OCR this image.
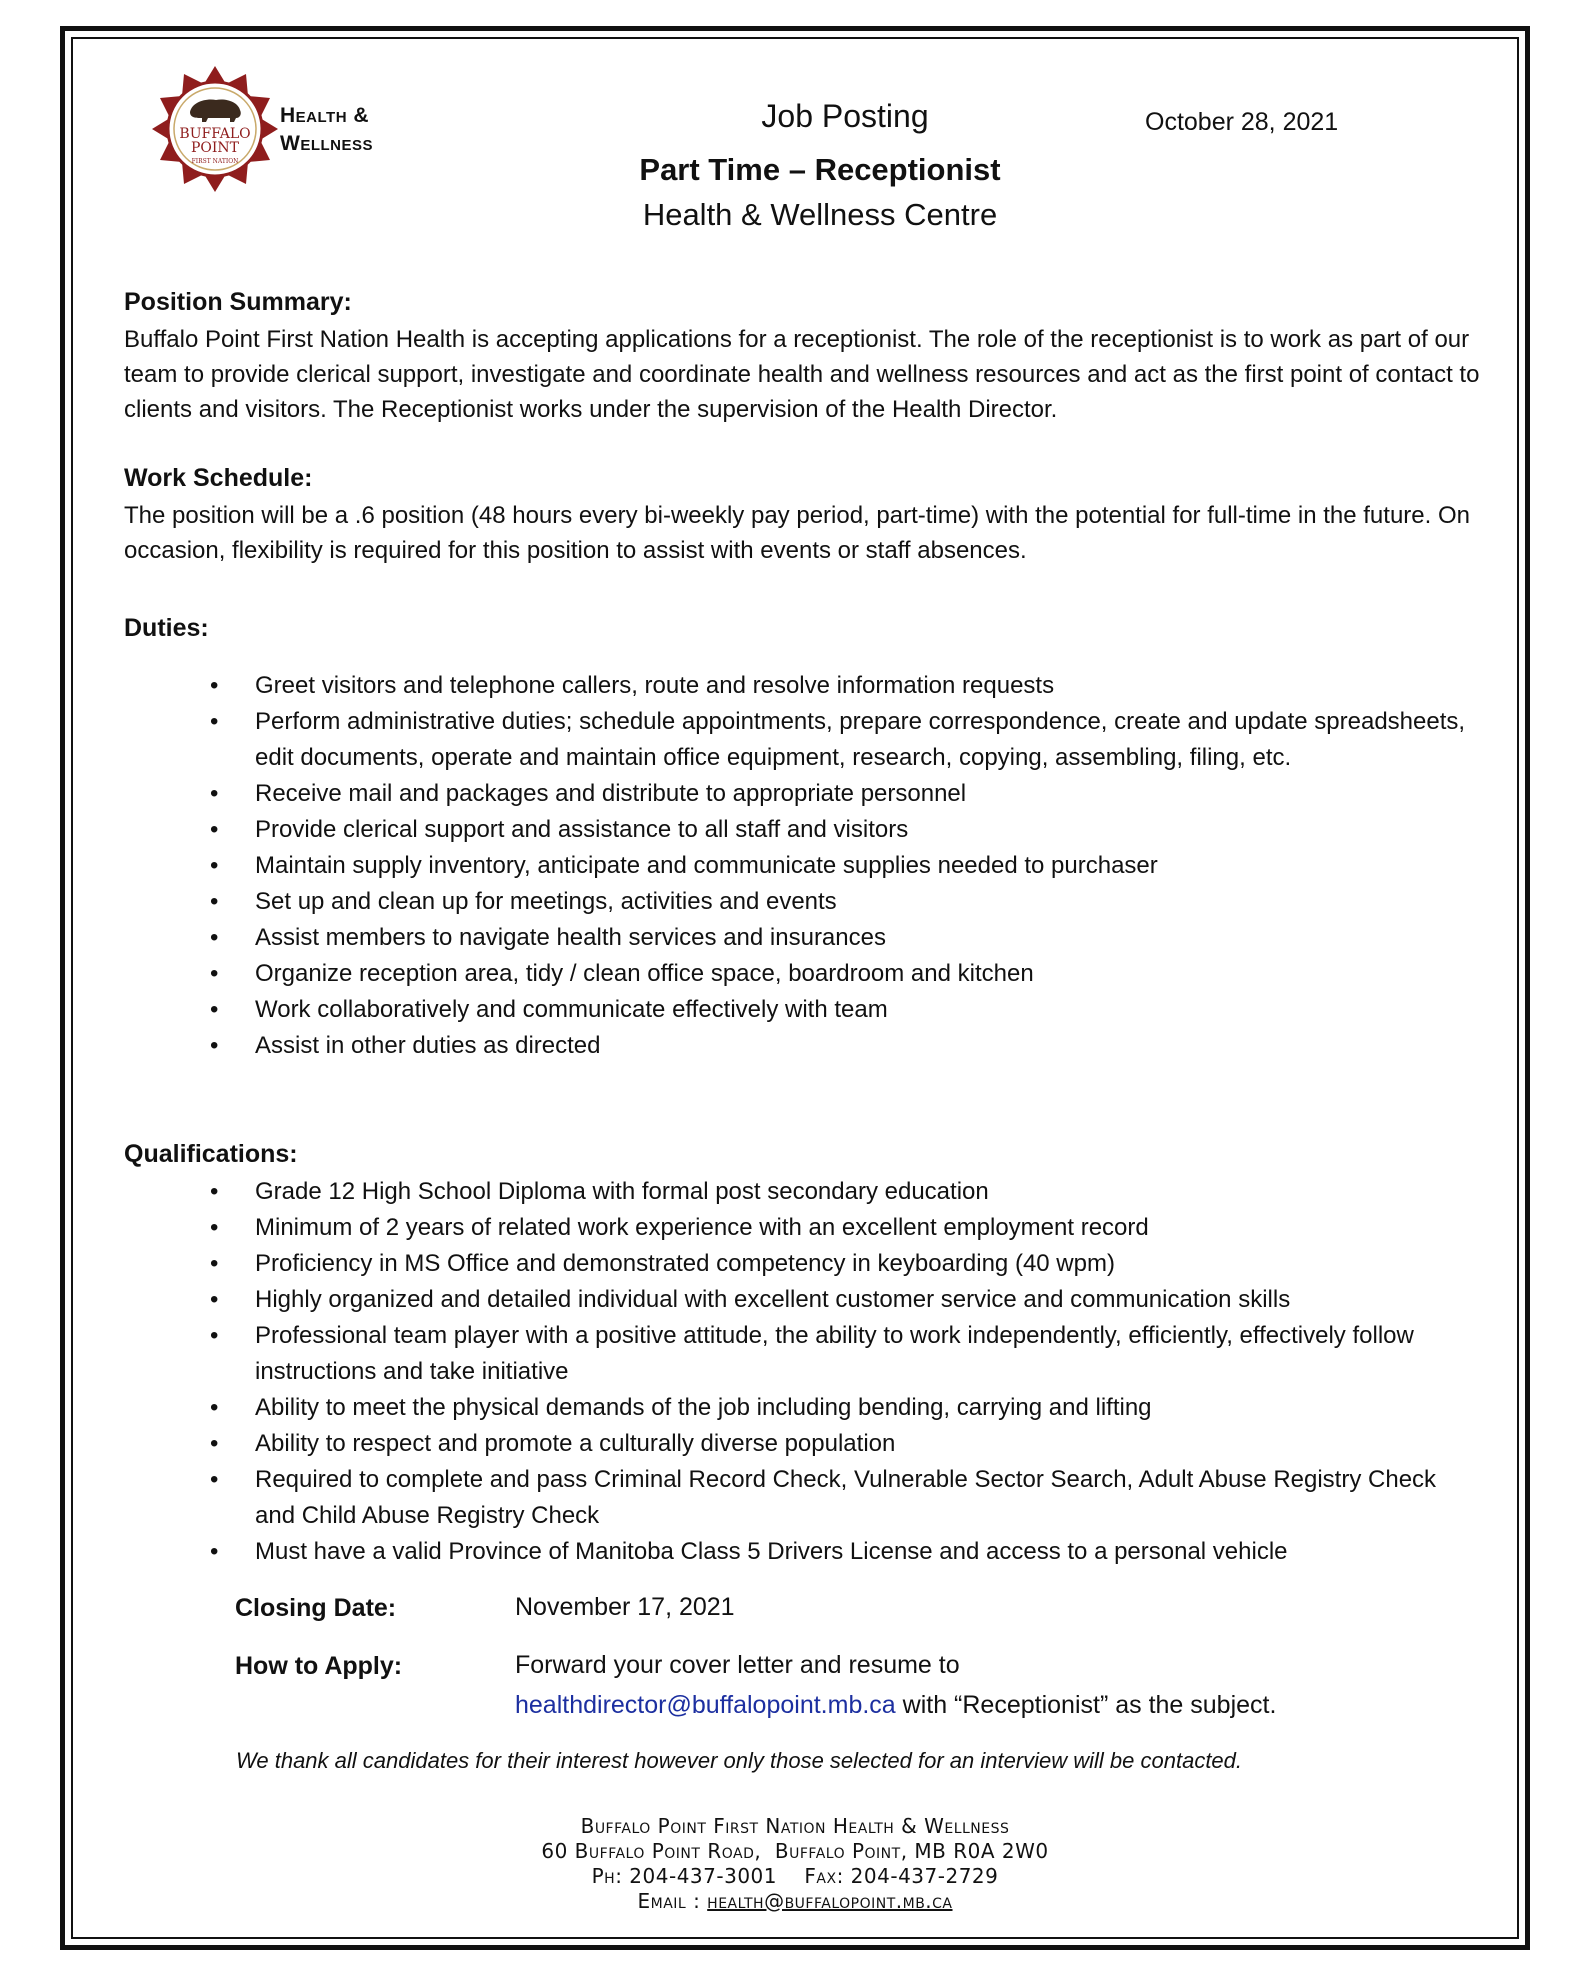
BUFFALO
POINT
FIRST NATION
Health &
Wellness
Job Posting	October 28, 2021
Part Time – Receptionist
Health & Wellness Centre
Position Summary:
Buffalo Point First Nation Health is accepting applications for a receptionist. The role of the receptionist is to work as part of our team to provide clerical support, investigate and coordinate health and wellness resources and act as the first point of contact to clients and visitors. The Receptionist works under the supervision of the Health Director.
Work Schedule:
The position will be a .6 position (48 hours every bi-weekly pay period, part-time) with the potential for full-time in the future. On occasion, flexibility is required for this position to assist with events or staff absences.
Duties:
• Greet visitors and telephone callers, route and resolve information requests
• Perform administrative duties; schedule appointments, prepare correspondence, create and update spreadsheets, edit documents, operate and maintain office equipment, research, copying, assembling, filing, etc.
• Receive mail and packages and distribute to appropriate personnel
• Provide clerical support and assistance to all staff and visitors
• Maintain supply inventory, anticipate and communicate supplies needed to purchaser
• Set up and clean up for meetings, activities and events
• Assist members to navigate health services and insurances
• Organize reception area, tidy / clean office space, boardroom and kitchen
• Work collaboratively and communicate effectively with team
• Assist in other duties as directed
Qualifications:
• Grade 12 High School Diploma with formal post secondary education
• Minimum of 2 years of related work experience with an excellent employment record
• Proficiency in MS Office and demonstrated competency in keyboarding (40 wpm)
• Highly organized and detailed individual with excellent customer service and communication skills
• Professional team player with a positive attitude, the ability to work independently, efficiently, effectively follow instructions and take initiative
• Ability to meet the physical demands of the job including bending, carrying and lifting
• Ability to respect and promote a culturally diverse population
• Required to complete and pass Criminal Record Check, Vulnerable Sector Search, Adult Abuse Registry Check and Child Abuse Registry Check
• Must have a valid Province of Manitoba Class 5 Drivers License and access to a personal vehicle
Closing Date:	November 17, 2021
How to Apply:	Forward your cover letter and resume to
healthdirector@buffalopoint.mb.ca with “Receptionist” as the subject.
We thank all candidates for their interest however only those selected for an interview will be contacted.
Buffalo Point First Nation Health & Wellness
60 Buffalo Point Road,  Buffalo Point, MB R0A 2W0
Ph: 204-437-3001    Fax: 204-437-2729
Email : health@buffalopoint.mb.ca
